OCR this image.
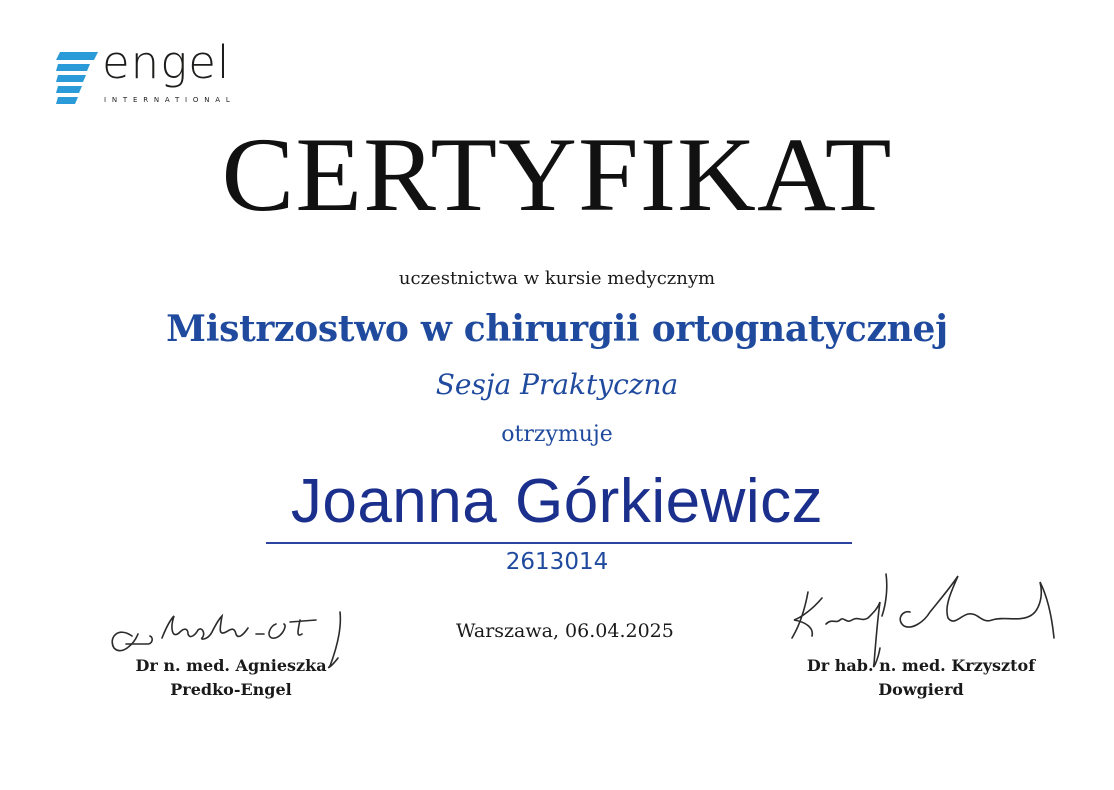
engel
INTERNATIONAL
CERTYFIKAT
uczestnictwa w kursie medycznym
Mistrzostwo w chirurgii ortognatycznej
Sesja Praktyczna
otrzymuje
Joanna Górkiewicz
2613014
Warszawa, 06.04.2025
Dr n. med. Agnieszka
Predko-Engel
Dr hab. n. med. Krzysztof
Dowgierd
